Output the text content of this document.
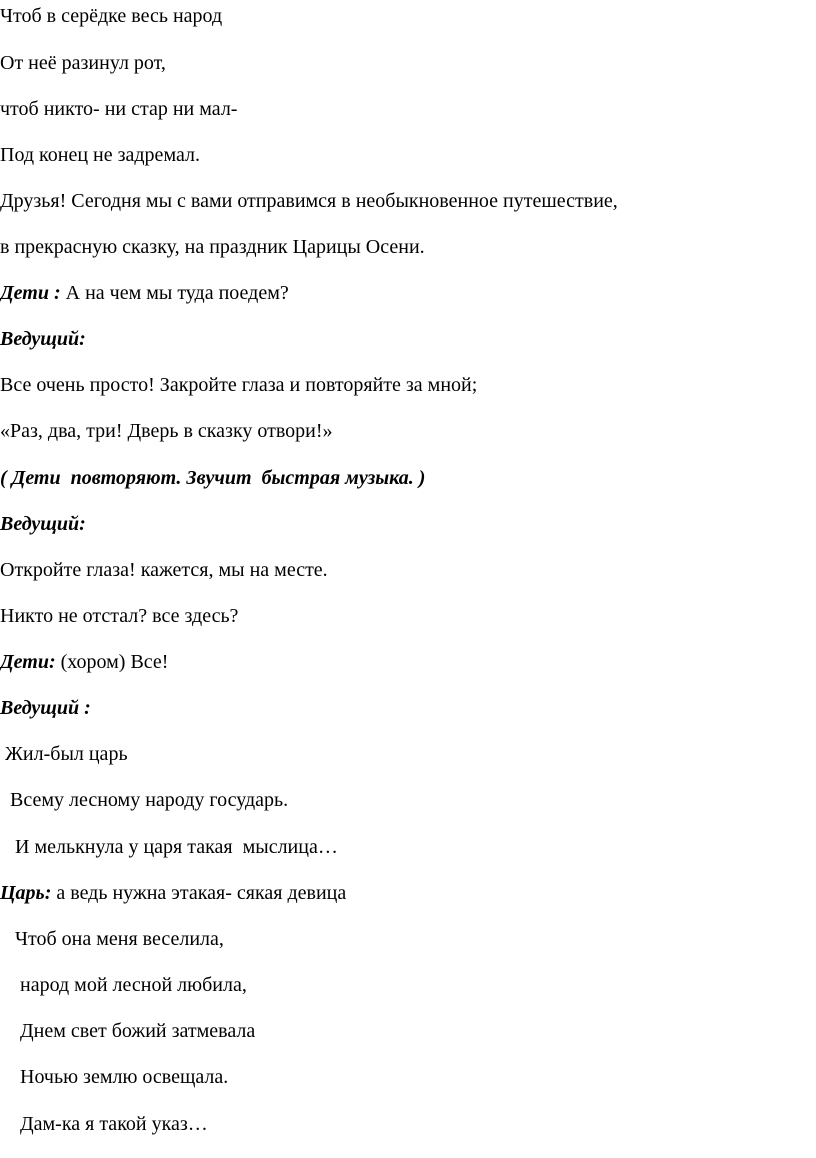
Чтоб в серёдке весь народ
От неё разинул рот,
чтоб никто- ни стар ни мал-
Под конец не задремал.
Друзья! Сегодня мы с вами отправимся в необыкновенное путешествие,
в прекрасную сказку, на праздник Царицы Осени.
Дети : А на чем мы туда поедем?
Ведущий:
Все очень просто! Закройте глаза и повторяйте за мной;
«Раз, два, три! Дверь в сказку отвори!»
( Дети  повторяют. Звучит  быстрая музыка. )
Ведущий:
Откройте глаза! кажется, мы на месте.
Никто не отстал? все здесь?
Дети: (хором) Все!
Ведущий :
Жил-был царь
Всему лесному народу государь.
И мелькнула у царя такая  мыслица…
Царь: а ведь нужна этакая- сякая девица
Чтоб она меня веселила,
народ мой лесной любила,
Днем свет божий затмевала
Ночью землю освещала.
Дам-ка я такой указ…
